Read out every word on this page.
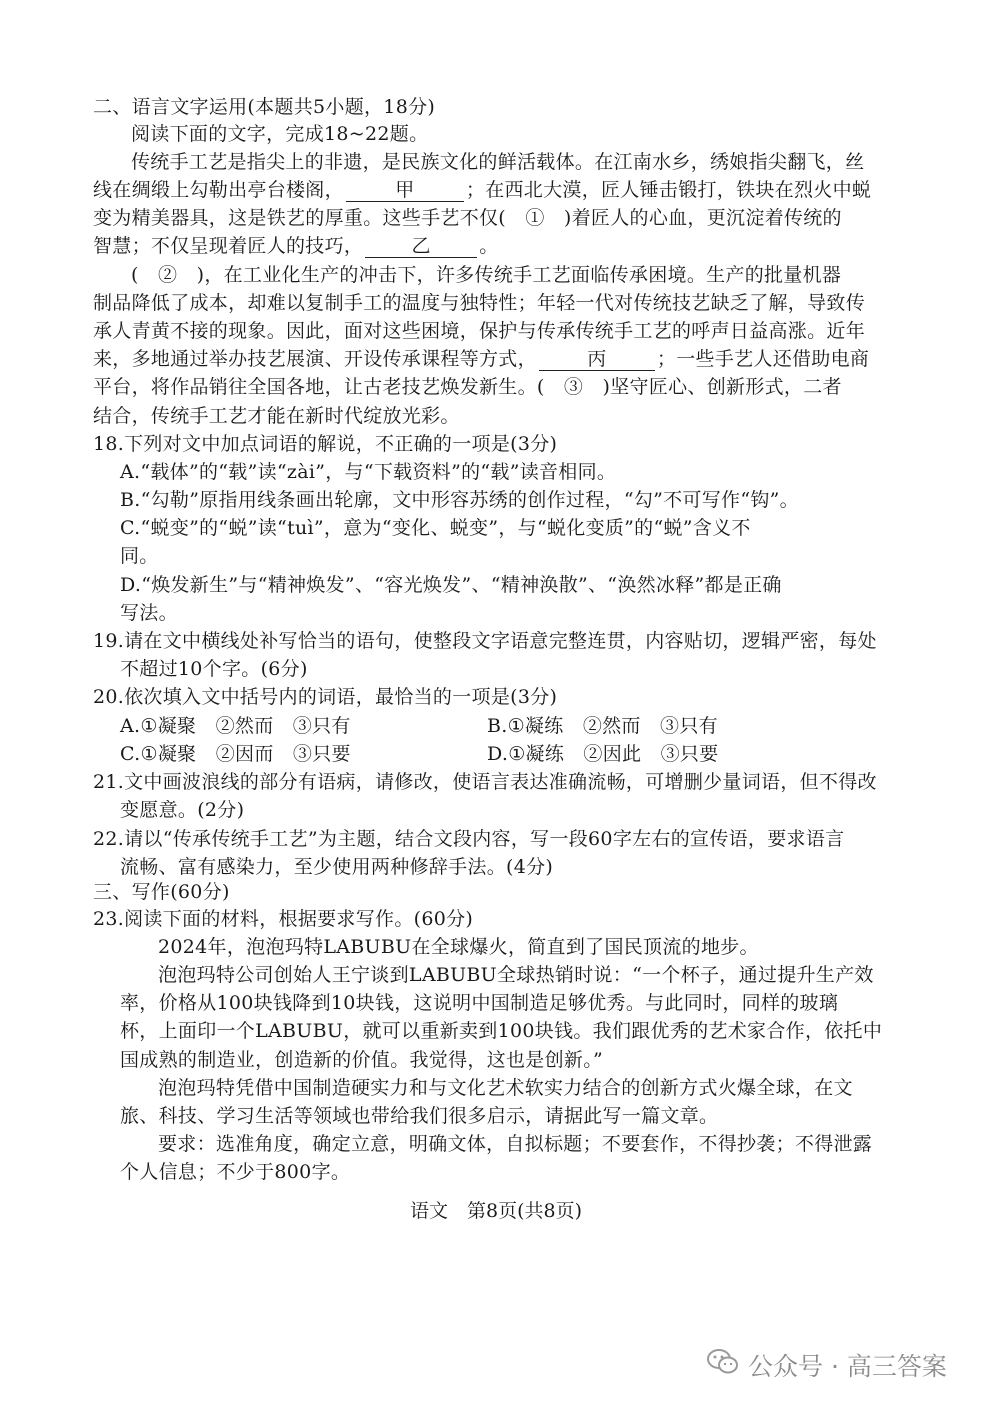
二、语言文字运用(本题共5小题，18分)
阅读下面的文字，完成18~22题。
传统手工艺是指尖上的非遗，是民族文化的鲜活载体。在江南水乡，绣娘指尖翻飞，丝
线在绸缎上勾勒出亭台楼阁，	甲	；在西北大漠，匠人锤击锻打，铁块在烈火中蜕
变为精美器具，这是铁艺的厚重。这些手艺不仅(　①　)着匠人的心血，更沉淀着传统的
智慧；不仅呈现着匠人的技巧，	乙	。
(　②　)，在工业化生产的冲击下，许多传统手工艺面临传承困境。生产的批量机器
制品降低了成本，却难以复制手工的温度与独特性；年轻一代对传统技艺缺乏了解，导致传
承人青黄不接的现象。因此，面对这些困境，保护与传承传统手工艺的呼声日益高涨。近年
来，多地通过举办技艺展演、开设传承课程等方式，	丙	；一些手艺人还借助电商
平台，将作品销往全国各地，让古老技艺焕发新生。(　③　)坚守匠心、创新形式，二者
结合，传统手工艺才能在新时代绽放光彩。
18.下列对文中加点词语的解说，不正确的一项是(3分)
A.“载体”的“载”读“zài”，与“下载资料”的“载”读音相同。
B.“勾勒”原指用线条画出轮廓，文中形容苏绣的创作过程，“勾”不可写作“钩”。
C.“蜕变”的“蜕”读“tuì”，意为“变化、蜕变”，与“蜕化变质”的“蜕”含义不
同。
D.“焕发新生”与“精神焕发”、“容光焕发”、“精神涣散”、“涣然冰释”都是正确
写法。
19.请在文中横线处补写恰当的语句，使整段文字语意完整连贯，内容贴切，逻辑严密，每处
不超过10个字。(6分)
20.依次填入文中括号内的词语，最恰当的一项是(3分)
A.①凝聚　②然而　③只有	B.①凝练　②然而　③只有
C.①凝聚　②因而　③只要	D.①凝练　②因此　③只要
21.文中画波浪线的部分有语病，请修改，使语言表达准确流畅，可增删少量词语，但不得改
变愿意。(2分)
22.请以“传承传统手工艺”为主题，结合文段内容，写一段60字左右的宣传语，要求语言
流畅、富有感染力，至少使用两种修辞手法。(4分)
三、写作(60分)
23.阅读下面的材料，根据要求写作。(60分)
2024年，泡泡玛特LABUBU在全球爆火，简直到了国民顶流的地步。
泡泡玛特公司创始人王宁谈到LABUBU全球热销时说：“一个杯子，通过提升生产效
率，价格从100块钱降到10块钱，这说明中国制造足够优秀。与此同时，同样的玻璃
杯，上面印一个LABUBU，就可以重新卖到100块钱。我们跟优秀的艺术家合作，依托中
国成熟的制造业，创造新的价值。我觉得，这也是创新。”
泡泡玛特凭借中国制造硬实力和与文化艺术软实力结合的创新方式火爆全球，在文
旅、科技、学习生活等领域也带给我们很多启示，请据此写一篇文章。
要求：选准角度，确定立意，明确文体，自拟标题；不要套作，不得抄袭；不得泄露
个人信息；不少于800字。
语文　第8页(共8页)
公众号 · 高三答案
